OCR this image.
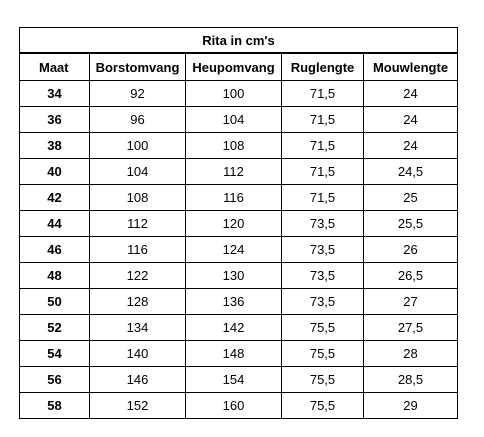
Rita in cm's				
Maat	Borstomvang	Heupomvang	Ruglengte	Mouwlengte
34	92	100	71,5	24
36	96	104	71,5	24
38	100	108	71,5	24
40	104	112	71,5	24,5
42	108	116	71,5	25
44	112	120	73,5	25,5
46	116	124	73,5	26
48	122	130	73,5	26,5
50	128	136	73,5	27
52	134	142	75,5	27,5
54	140	148	75,5	28
56	146	154	75,5	28,5
58	152	160	75,5	29
